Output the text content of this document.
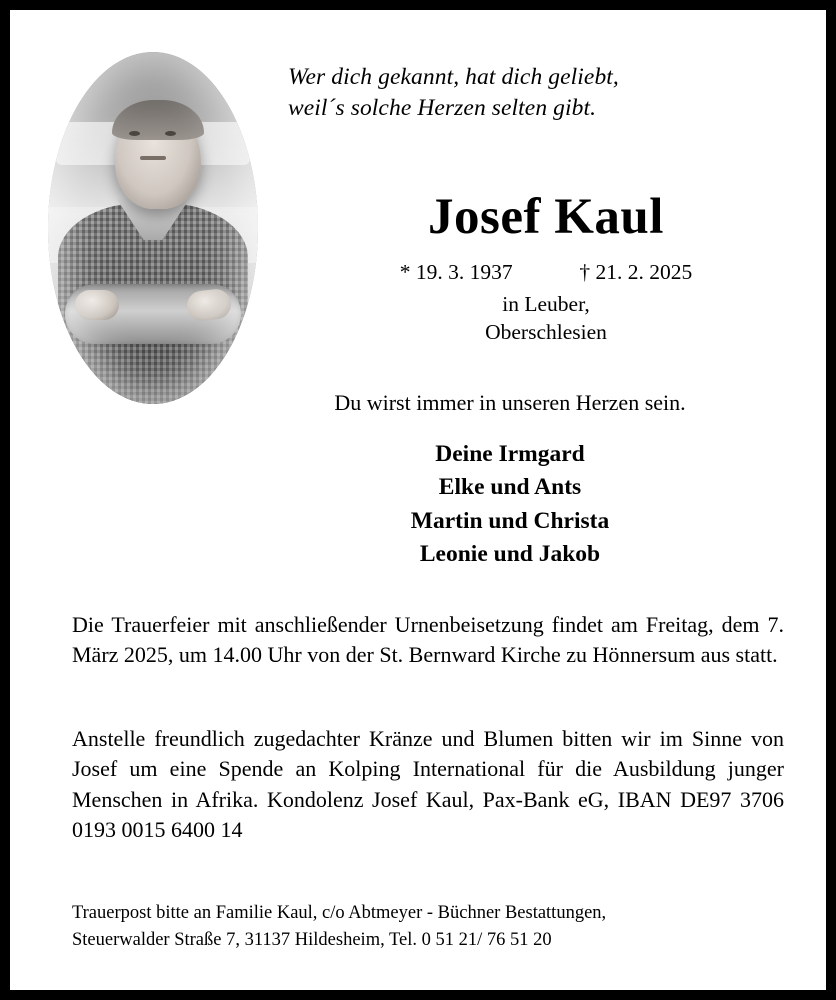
Wer dich gekannt, hat dich geliebt,
weil´s solche Herzen selten gibt.
Josef Kaul
* 19. 3. 1937	† 21. 2. 2025
in Leuber,
Oberschlesien
Du wirst immer in unseren Herzen sein.
Deine Irmgard
Elke und Ants
Martin und Christa
Leonie und Jakob
Die Trauerfeier mit anschließender Urnenbeisetzung findet am Freitag, dem 7. März 2025, um 14.00 Uhr von der St. Bernward Kirche zu Hönnersum aus statt.
Anstelle freundlich zugedachter Kränze und Blumen bitten wir im Sinne von Josef um eine Spende an Kolping International für die Ausbildung junger Menschen in Afrika. Kondolenz Josef Kaul, Pax-Bank eG, IBAN DE97 3706 0193 0015 6400 14
Trauerpost bitte an Familie Kaul, c/o Abtmeyer - Büchner Bestattungen,
Steuerwalder Straße 7, 31137 Hildesheim, Tel. 0 51 21/ 76 51 20
